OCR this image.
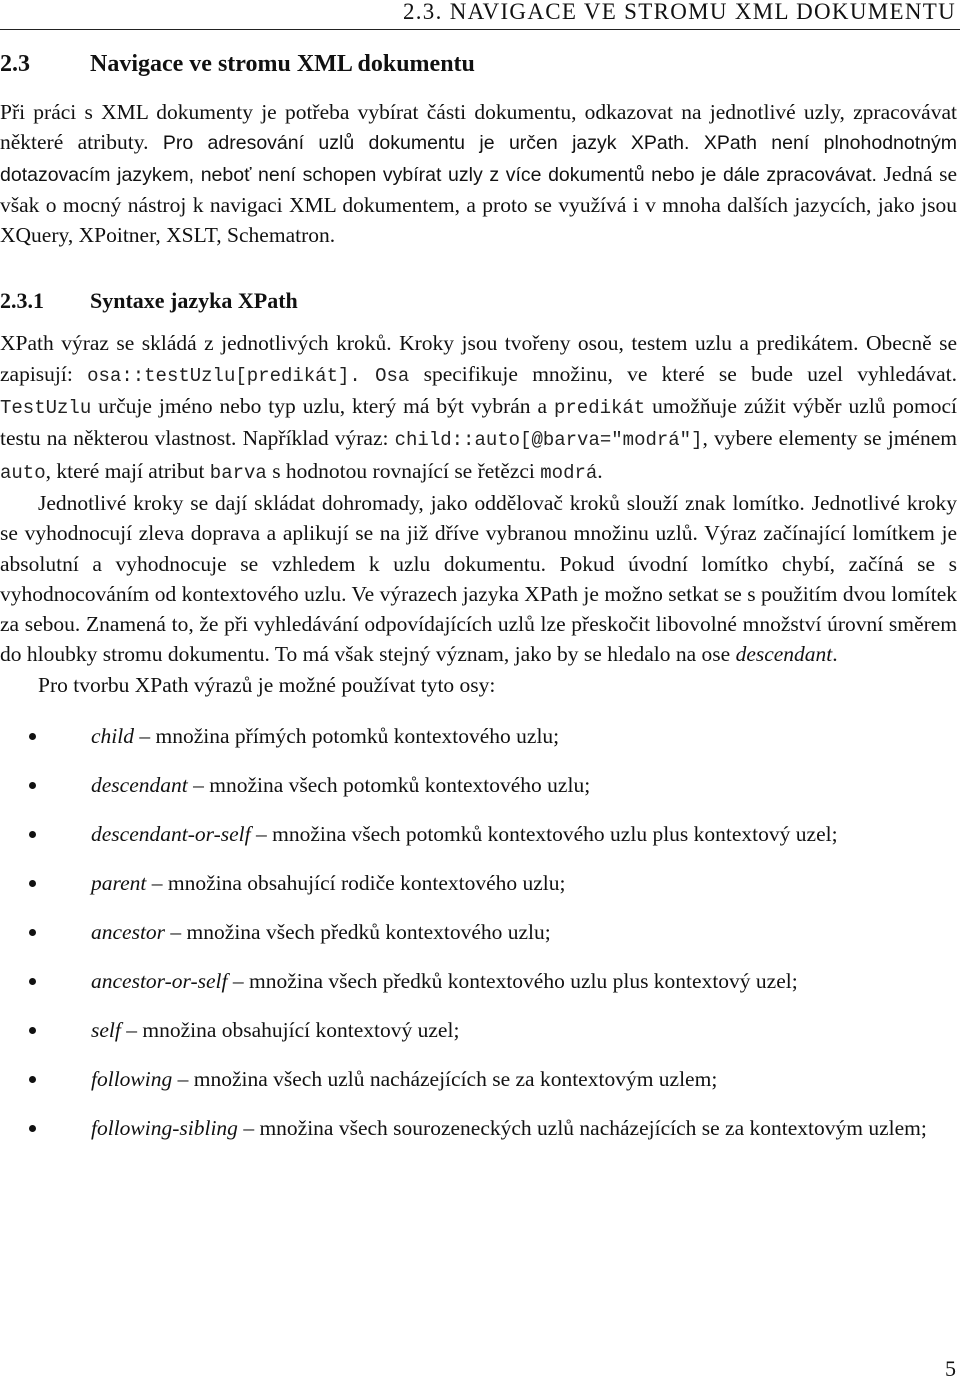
2.3. NAVIGACE VE STROMU XML DOKUMENTU
2.3	Navigace ve stromu XML dokumentu

Při práci s XML dokumenty je potřeba vybírat části dokumentu, odkazovat na jednotlivé uzly, zpracovávat některé atributy. Pro adresování uzlů dokumentu je určen jazyk XPath. XPath není plnohodnotným dotazovacím jazykem, neboť není schopen vybírat uzly z více dokumentů nebo je dále zpracovávat. Jedná se však o mocný nástroj k navigaci XML dokumentem, a proto se využívá i v mnoha dalších jazycích, jako jsou XQuery, XPoitner, XSLT, Schematron.

2.3.1 Syntaxe jazyka XPath

XPath výraz se skládá z jednotlivých kroků. Kroky jsou tvořeny osou, testem uzlu a predikátem. Obecně se zapisují: osa::testUzlu[predikát]. Osa specifikuje množinu, ve které se bude uzel vyhledávat. TestUzlu určuje jméno nebo typ uzlu, který má být vybrán a predikát umožňuje zúžit výběr uzlů pomocí testu na některou vlastnost. Například výraz: child::auto[@barva="modrá"], vybere elementy se jménem auto, které mají atribut barva s hodnotou rovnající se řetězci modrá.

Jednotlivé kroky se dají skládat dohromady, jako oddělovač kroků slouží znak lomítko. Jednotlivé kroky se vyhodnocují zleva doprava a aplikují se na již dříve vybranou množinu uzlů. Výraz začínající lomítkem je absolutní a vyhodnocuje se vzhledem k uzlu dokumentu. Pokud úvodní lomítko chybí, začíná se s vyhodnocováním od kontextového uzlu. Ve výrazech jazyka XPath je možno setkat se s použitím dvou lomítek za sebou. Znamená to, že při vyhledávání odpovídajících uzlů lze přeskočit libovolné množství úrovní směrem do hloubky stromu dokumentu. To má však stejný význam, jako by se hledalo na ose descendant.

Pro tvorbu XPath výrazů je možné používat tyto osy:

child – množina přímých potomků kontextového uzlu;
descendant – množina všech potomků kontextového uzlu;
descendant-or-self – množina všech potomků kontextového uzlu plus kontextový uzel;
parent – množina obsahující rodiče kontextového uzlu;
ancestor – množina všech předků kontextového uzlu;
ancestor-or-self – množina všech předků kontextového uzlu plus kontextový uzel;
self – množina obsahující kontextový uzel;
following – množina všech uzlů nacházejících se za kontextovým uzlem;
following-sibling – množina všech sourozeneckých uzlů nacházejících se za kontextovým uzlem;
5
